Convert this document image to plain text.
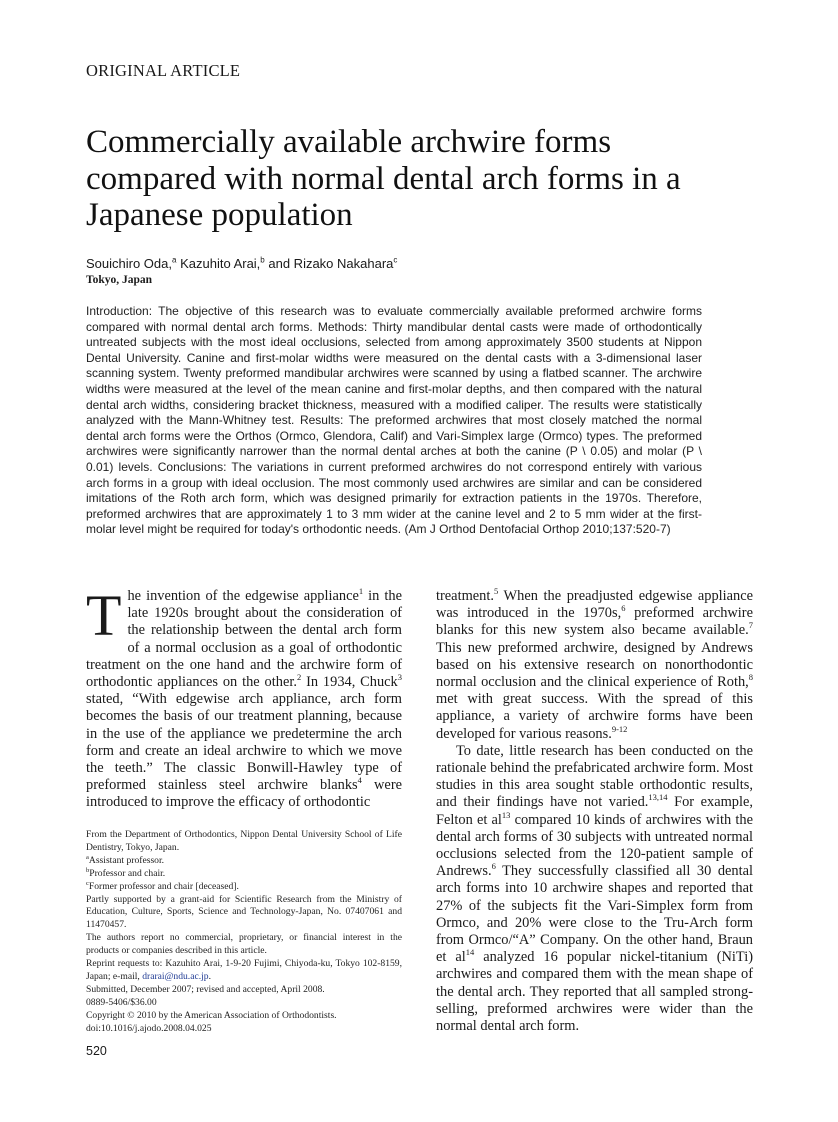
ORIGINAL ARTICLE
Commercially available archwire forms compared with normal dental arch forms in a Japanese population
Souichiro Oda,$^a$ Kazuhito Arai,$^b$ and Rizako Nakahara$^c$
Tokyo, Japan

Introduction: The objective of this research was to evaluate commercially available preformed archwire forms compared with normal dental arch forms. Methods: Thirty mandibular dental casts were made of orthodontically untreated subjects with the most ideal occlusions, selected from among approximately 3500 students at Nippon Dental University. Canine and first-molar widths were measured on the dental casts with a 3-dimensional laser scanning system. Twenty preformed mandibular archwires were scanned by using a flatbed scanner. The archwire widths were measured at the level of the mean canine and first-molar depths, and then compared with the natural dental arch widths, considering bracket thickness, measured with a modified caliper. The results were statistically analyzed with the Mann-Whitney test. Results: The preformed archwires that most closely matched the normal dental arch forms were the Orthos (Ormco, Glendora, Calif) and Vari-Simplex large (Ormco) types. The preformed archwires were significantly narrower than the normal dental arches at both the canine (P \ 0.05) and molar (P \ 0.01) levels. Conclusions: The variations in current preformed archwires do not correspond entirely with various arch forms in a group with ideal occlusion. The most commonly used archwires are similar and can be considered imitations of the Roth arch form, which was designed primarily for extraction patients in the 1970s. Therefore, preformed archwires that are approximately 1 to 3 mm wider at the canine level and 2 to 5 mm wider at the first-molar level might be required for today's orthodontic needs. (Am J Orthod Dentofacial Orthop 2010;137:520-7)

The invention of the edgewise appliance$^1$ in the late 1920s brought about the consideration of the relationship between the dental arch form of a normal occlusion as a goal of orthodontic treatment on the one hand and the archwire form of orthodontic appliances on the other.$^2$ In 1934, Chuck$^3$ stated, “With edgewise arch appliance, arch form becomes the basis of our treatment planning, because in the use of the appliance we predetermine the arch form and create an ideal archwire to which we move the teeth.” The classic Bonwill-Hawley type of preformed stainless steel archwire blanks$^4$ were introduced to improve the efficacy of orthodontic

treatment.$^5$ When the preadjusted edgewise appliance was introduced in the 1970s,$^6$ preformed archwire blanks for this new system also became available.$^7$ This new preformed archwire, designed by Andrews based on his extensive research on nonorthodontic normal occlusion and the clinical experience of Roth,$^8$ met with great success. With the spread of this appliance, a variety of archwire forms have been developed for various reasons.$^{9-12}$

To date, little research has been conducted on the rationale behind the prefabricated archwire form. Most studies in this area sought stable orthodontic results, and their findings have not varied.$^{13,14}$ For example, Felton et al$^{13}$ compared 10 kinds of archwires with the dental arch forms of 30 subjects with untreated normal occlusions selected from the 120-patient sample of Andrews.$^6$ They successfully classified all 30 dental arch forms into 10 archwire shapes and reported that 27% of the subjects fit the Vari-Simplex form from Ormco, and 20% were close to the Tru-Arch form from Ormco/“A” Company. On the other hand, Braun et al$^{14}$ analyzed 16 popular nickel-titanium (NiTi) archwires and compared them with the mean shape of the dental arch. They reported that all sampled strong-selling, preformed archwires were wider than the normal dental arch form.

From the Department of Orthodontics, Nippon Dental University School of Life Dentistry, Tokyo, Japan.

$^a$Assistant professor.

$^b$Professor and chair.

$^c$Former professor and chair [deceased].

Partly supported by a grant-aid for Scientific Research from the Ministry of Education, Culture, Sports, Science and Technology-Japan, No. 07407061 and 11470457.

The authors report no commercial, proprietary, or financial interest in the products or companies described in this article.

Reprint requests to: Kazuhito Arai, 1-9-20 Fujimi, Chiyoda-ku, Tokyo 102-8159, Japan; e-mail, drarai@ndu.ac.jp.

Submitted, December 2007; revised and accepted, April 2008.

0889-5406/$36.00

Copyright © 2010 by the American Association of Orthodontists.

doi:10.1016/j.ajodo.2008.04.025

520
